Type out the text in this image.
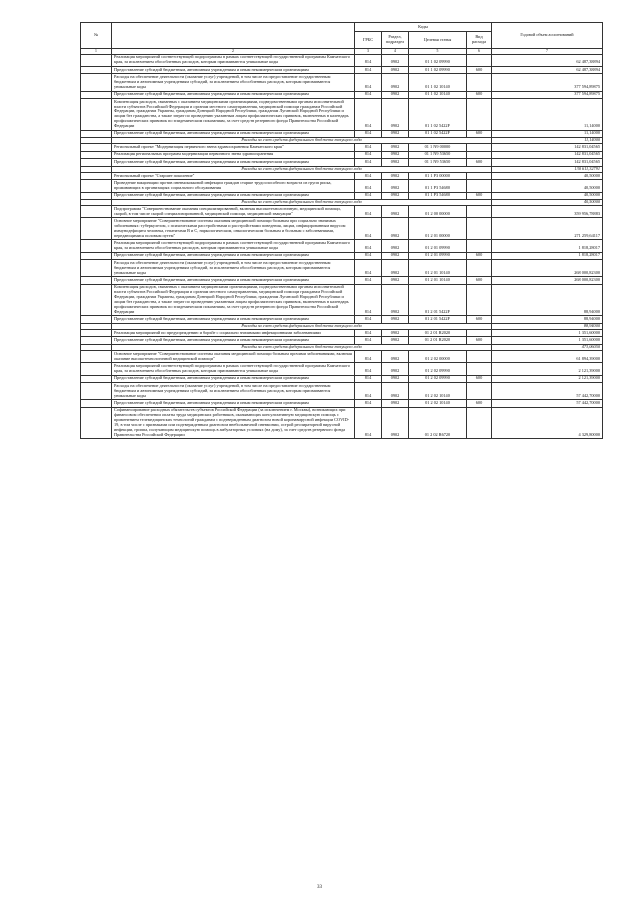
№		Коды				Годовой объем ассигнований
		ГРБС	Раздел, подраздел	Целевая статья	Вид расхода	
1	2	3	4	5	6	7
	Реализация мероприятий соответствующей подпрограммы в рамках соответствующей государственной программы Камчатского края, за исключением обособленных расходов, которым присваиваются уникальные коды	814	0902	01 1 02 09990		62 487,38894
	Предоставление субсидий бюджетным, автономным учреждениям и иным некоммерческим организациям	814	0902	01 1 02 09990	600	62 487,38894
	Расходы на обеспечение деятельности (оказание услуг) учреждений, в том числе на предоставление государственным бюджетным и автономным учреждениям субсидий, за исключением обособленных расходов, которым присваиваются уникальные коды	814	0902	01 1 02 10140		377 594,89875
	Предоставление субсидий бюджетным, автономным учреждениям и иным некоммерческим организациям	814	0902	01 1 02 10140	600	377 594,89875
	Компенсация расходов, связанных с оказанием медицинскими организациями, подведомственными органам исполнительной власти субъектов Российской Федерации и органам местного самоуправления, медицинской помощи гражданам Российской Федерации, гражданам Украины, гражданам Донецкой Народной Республики, гражданам Луганской Народной Республики и лицам без гражданства, а также затрат по проведению указанным лицам профилактических прививок, включенных в календарь профилактических прививок по эпидемическим показаниям, за счет средств резервного фонда Правительства Российской Федерации	814	0902	01 1 02 5422F		11,14000
	Предоставление субсидий бюджетным, автономным учреждениям и иным некоммерческим организациям	814	0902	01 1 02 5422F	600	11,14000
	Расходы за счет средств федерального бюджета текущего года					11,14000
	Региональный проект "Модернизация первичного звена здравоохранения Камчатского края"	814	0902	01 1 N9 00000		142 831,04565
	Реализация региональных программ модернизации первичного звена здравоохранения	814	0902	01 1 N9 53650		142 831,04565
	Предоставление субсидий бюджетным, автономным учреждениям и иным некоммерческим организациям	814	0902	01 1 N9 53650	600	142 831,04565
	Расходы за счет средств федерального бюджета текущего года					130 611,32791
	Региональный проект "Старшее поколение"	814	0902	01 1 P3 00000		40,50000
	Проведение вакцинации против пневмококковой инфекции граждан старше трудоспособного возраста из групп риска, проживающих в организациях социального обслуживания	814	0902	01 1 P3 54680		40,50000
	Предоставление субсидий бюджетным, автономным учреждениям и иным некоммерческим организациям	814	0902	01 1 P3 54680	600	40,50000
	Расходы за счет средств федерального бюджета текущего года					40,50000
	Подпрограмма "Совершенствование оказания специализированной, включая высокотехнологичную, медицинской помощи, скорой, в том числе скорой специализированной, медицинской помощи, медицинской эвакуации"	814	0902	01 2 00 00000		359 956,78883
	Основное мероприятие "Совершенствование системы оказания медицинской помощи больным при социально значимых заболеваниях: туберкулезом, с психическими расстройствами и расстройствами поведения, лицам, инфицированным вирусом иммунодефицита человека, гепатитами B и C, наркологическим, онкологическим больным и больным с заболеваниями, передающимися половым путем"	814	0902	01 2 01 00000		271 259,64117
	Реализация мероприятий соответствующей подпрограммы в рамках соответствующей государственной программы Камчатского края, за исключением обособленных расходов, которым присваиваются уникальные коды	814	0902	01 2 01 09990		1 818,28017
	Предоставление субсидий бюджетным, автономным учреждениям и иным некоммерческим организациям	814	0902	01 2 01 09990	600	1 818,28017
	Расходы на обеспечение деятельности (оказание услуг) учреждений, в том числе на предоставление государственным бюджетным и автономным учреждениям субсидий, за исключением обособленных расходов, которым присваиваются уникальные коды	814	0902	01 2 01 10140		268 000,82300
	Предоставление субсидий бюджетным, автономным учреждениям и иным некоммерческим организациям	814	0902	01 2 01 10140	600	268 000,82300
	Компенсация расходов, связанных с оказанием медицинскими организациями, подведомственными органам исполнительной власти субъектов Российской Федерации и органам местного самоуправления, медицинской помощи гражданам Российской Федерации, гражданам Украины, гражданам Донецкой Народной Республики, гражданам Луганской Народной Республики и лицам без гражданства, а также затрат по проведению указанным лицам профилактических прививок, включенных в календарь профилактических прививок по эпидемическим показаниям, за счет средств резервного фонда Правительства Российской Федерации	814	0902	01 2 01 5422F		88,94000
	Предоставление субсидий бюджетным, автономным учреждениям и иным некоммерческим организациям	814	0902	01 2 01 5422F	600	88,94000
	Расходы за счет средств федерального бюджета текущего года					88,94000
	Реализация мероприятий по предупреждению и борьбе с социально значимыми инфекционными заболеваниями	814	0902	01 2 01 R2020		1 351,60000
	Предоставление субсидий бюджетным, автономным учреждениям и иным некоммерческим организациям	814	0902	01 2 01 R2020	600	1 351,60000
	Расходы за счет средств федерального бюджета текущего года					473,06050
	Основное мероприятие "Совершенствование системы оказания медицинской помощи больным прочими заболеваниями, включая оказание высокотехнологичной медицинской помощи"	814	0902	01 2 02 00000		61 894,39000
	Реализация мероприятий соответствующей подпрограммы в рамках соответствующей государственной программы Камчатского края, за исключением обособленных расходов, которым присваиваются уникальные коды	814	0902	01 2 02 09990		2 121,39000
	Предоставление субсидий бюджетным, автономным учреждениям и иным некоммерческим организациям	814	0902	01 2 02 09990	600	2 121,39000
	Расходы на обеспечение деятельности (оказание услуг) учреждений, в том числе на предоставление государственным бюджетным и автономным учреждениям субсидий, за исключением обособленных расходов, которым присваиваются уникальные коды	814	0902	01 2 02 10140		57 442,70000
	Предоставление субсидий бюджетным, автономным учреждениям и иным некоммерческим организациям	814	0902	01 2 02 10140	600	57 442,70000
	Софинансирование расходных обязательств субъектов Российской Федерации (за исключением г. Москвы), возникающих при финансовом обеспечении оплаты труда медицинских работников, оказывающих консультативную медицинскую помощь с применением телемедицинских технологий гражданам с подтвержденным диагнозом новой коронавирусной инфекции COVID-19, в том числе с признаками или подтвержденным диагнозом внебольничной пневмонии, острой респираторной вирусной инфекции, гриппа, получающим медицинскую помощь в амбулаторных условиях (на дому), за счет средств резервного фонда Правительства Российской Федерации	814	0902	01 2 02 R6720		4 329,80000
33
